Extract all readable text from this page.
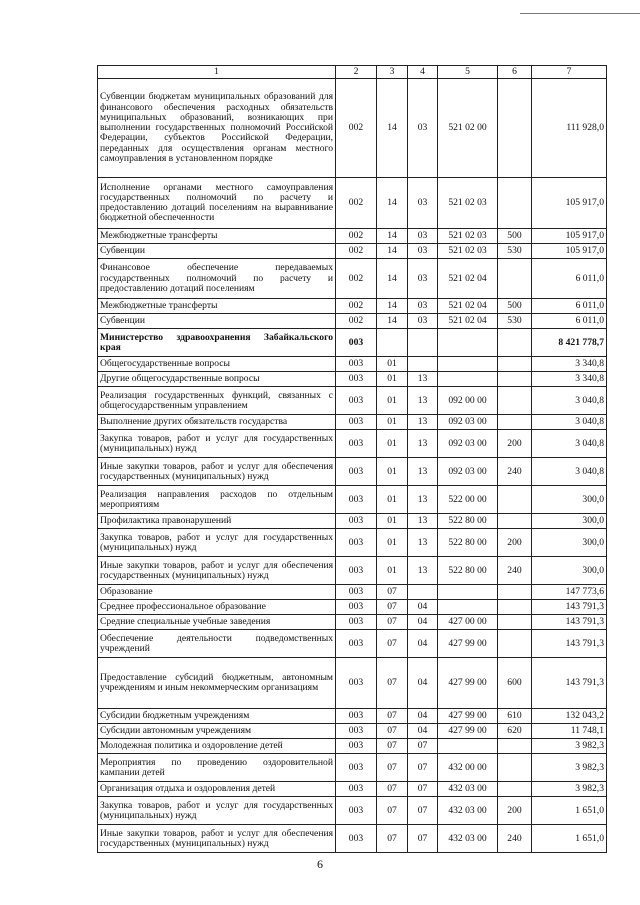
1	2	3	4	5	6	7
Субвенции бюджетам муниципальных образований для финансового обеспечения расходных обязательств муниципальных образований, возникающих при выполнении государственных полномочий Российской Федерации, субъектов Российской Федерации, переданных для осуществления органам местного самоуправления в установленном порядке	002	14	03	521 02 00		111 928,0
Исполнение органами местного самоуправления государственных полномочий по расчету и предоставлению дотаций поселениям на выравнивание бюджетной обеспеченности	002	14	03	521 02 03		105 917,0
Межбюджетные трансферты	002	14	03	521 02 03	500	105 917,0
Субвенции	002	14	03	521 02 03	530	105 917,0
Финансовое обеспечение передаваемых государственных полномочий по расчету и предоставлению дотаций поселениям	002	14	03	521 02 04		6 011,0
Межбюджетные трансферты	002	14	03	521 02 04	500	6 011,0
Субвенции	002	14	03	521 02 04	530	6 011,0
Министерство здравоохранения Забайкальского края	003					8 421 778,7
Общегосударственные вопросы	003	01				3 340,8
Другие общегосударственные вопросы	003	01	13			3 340,8
Реализация государственных функций, связанных с общегосударственным управлением	003	01	13	092 00 00		3 040,8
Выполнение других обязательств государства	003	01	13	092 03 00		3 040,8
Закупка товаров, работ и услуг для государственных (муниципальных) нужд	003	01	13	092 03 00	200	3 040,8
Иные закупки товаров, работ и услуг для обеспечения государственных (муниципальных) нужд	003	01	13	092 03 00	240	3 040,8
Реализация направления расходов по отдельным мероприятиям	003	01	13	522 00 00		300,0
Профилактика правонарушений	003	01	13	522 80 00		300,0
Закупка товаров, работ и услуг для государственных (муниципальных) нужд	003	01	13	522 80 00	200	300,0
Иные закупки товаров, работ и услуг для обеспечения государственных (муниципальных) нужд	003	01	13	522 80 00	240	300,0
Образование	003	07				147 773,6
Среднее профессиональное образование	003	07	04			143 791,3
Средние специальные учебные заведения	003	07	04	427 00 00		143 791,3
Обеспечение деятельности подведомственных учреждений	003	07	04	427 99 00		143 791,3
Предоставление субсидий бюджетным, автономным учреждениям и иным некоммерческим организациям	003	07	04	427 99 00	600	143 791,3
Субсидии бюджетным учреждениям	003	07	04	427 99 00	610	132 043,2
Субсидии автономным учреждениям	003	07	04	427 99 00	620	11 748,1
Молодежная политика и оздоровление детей	003	07	07			3 982,3
Мероприятия по проведению оздоровительной кампании детей	003	07	07	432 00 00		3 982,3
Организация отдыха и оздоровления детей	003	07	07	432 03 00		3 982,3
Закупка товаров, работ и услуг для государственных (муниципальных) нужд	003	07	07	432 03 00	200	1 651,0
Иные закупки товаров, работ и услуг для обеспечения государственных (муниципальных) нужд	003	07	07	432 03 00	240	1 651,0
6
